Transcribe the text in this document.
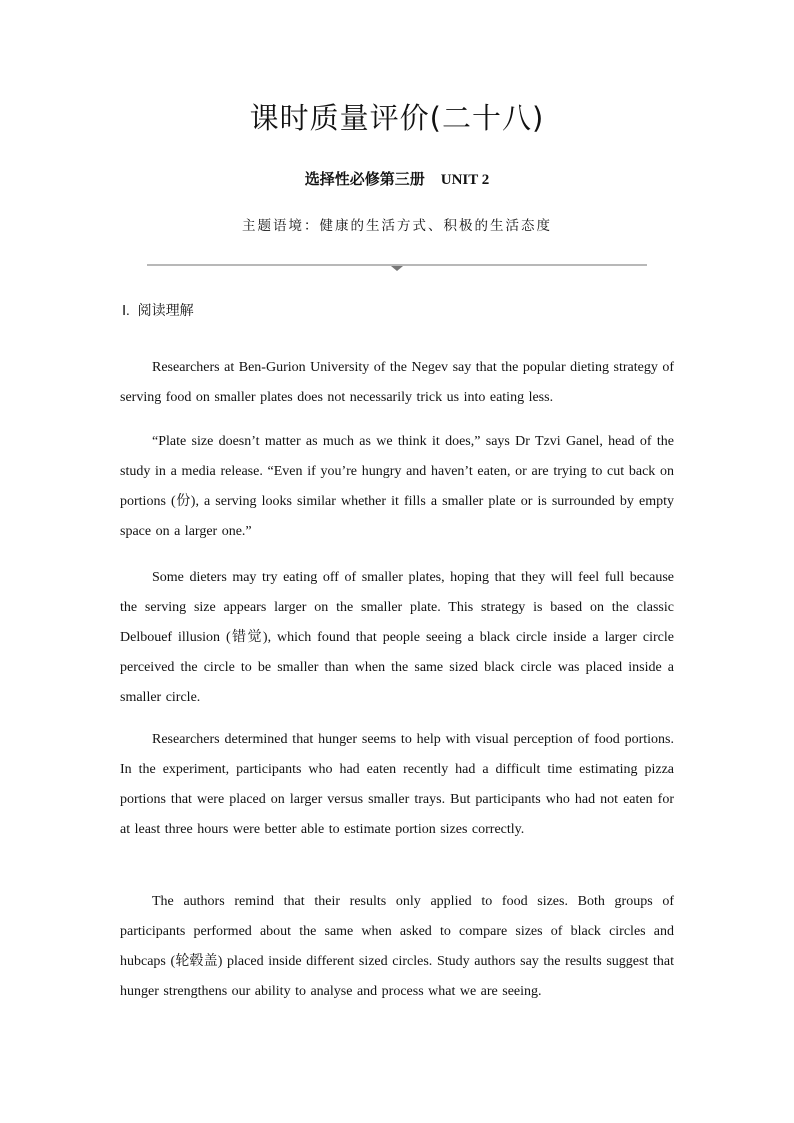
课时质量评价(二十八)
选择性必修第三册 UNIT 2
主题语境：健康的生活方式、积极的生活态度
Ⅰ. 阅读理解

Researchers at Ben-Gurion University of the Negev say that the popular dieting strategy of serving food on smaller plates does not necessarily trick us into eating less.

“Plate size doesn’t matter as much as we think it does,” says Dr Tzvi Ganel, head of the study in a media release. “Even if you’re hungry and haven’t eaten, or are trying to cut back on portions (份), a serving looks similar whether it fills a smaller plate or is surrounded by empty space on a larger one.”

Some dieters may try eating off of smaller plates, hoping that they will feel full because the serving size appears larger on the smaller plate. This strategy is based on the classic Delbouef illusion (错觉), which found that people seeing a black circle inside a larger circle perceived the circle to be smaller than when the same sized black circle was placed inside a smaller circle.

Researchers determined that hunger seems to help with visual perception of food portions. In the experiment, participants who had eaten recently had a difficult time estimating pizza portions that were placed on larger versus smaller trays. But participants who had not eaten for at least three hours were better able to estimate portion sizes correctly.

The authors remind that their results only applied to food sizes. Both groups of participants performed about the same when asked to compare sizes of black circles and hubcaps (轮毂盖) placed inside different sized circles. Study authors say the results suggest that hunger strengthens our ability to analyse and process what we are seeing.
